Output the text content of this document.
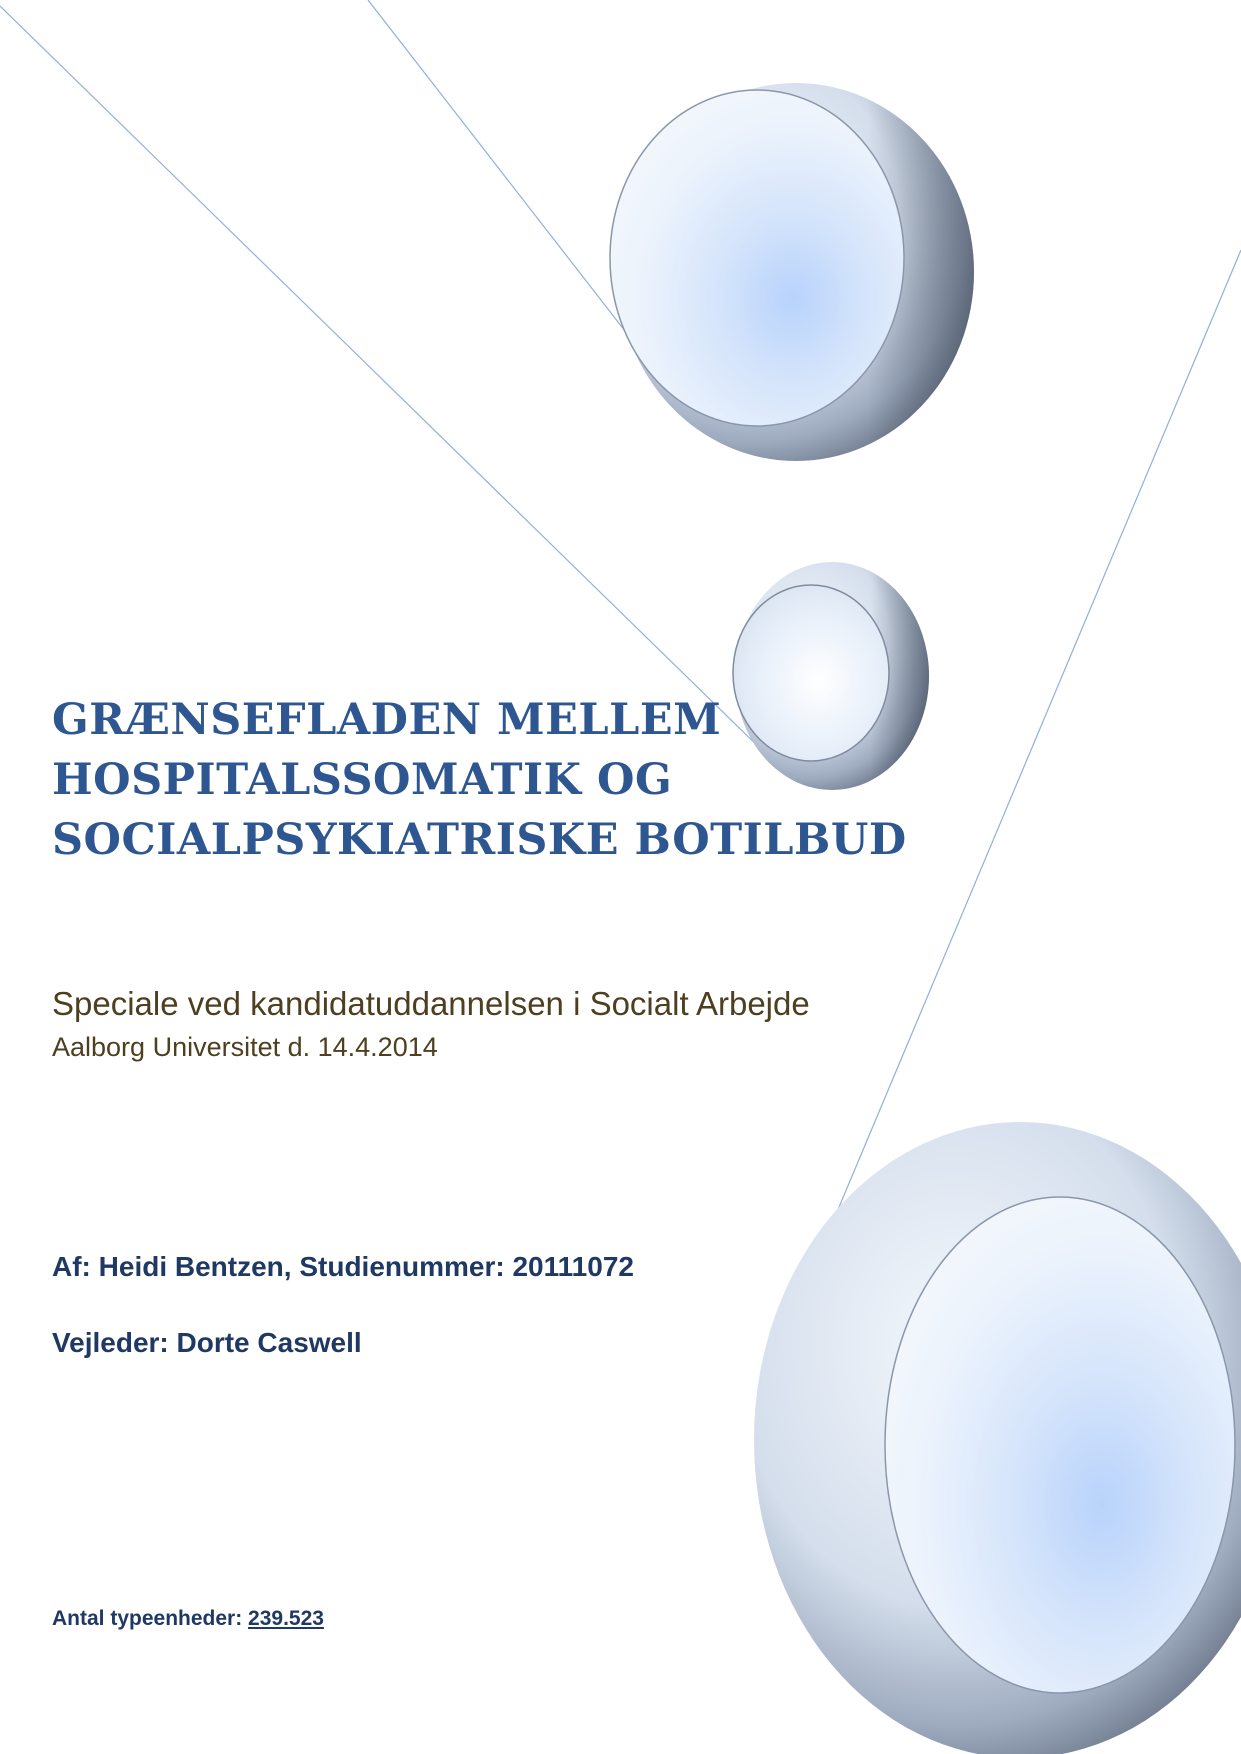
GRÆNSEFLADEN MELLEM
HOSPITALSSOMATIK OG
SOCIALPSYKIATRISKE BOTILBUD
Speciale ved kandidatuddannelsen i Socialt Arbejde
Aalborg Universitet d. 14.4.2014
Af: Heidi Bentzen, Studienummer: 20111072
Vejleder: Dorte Caswell
Antal typeenheder: 239.523
